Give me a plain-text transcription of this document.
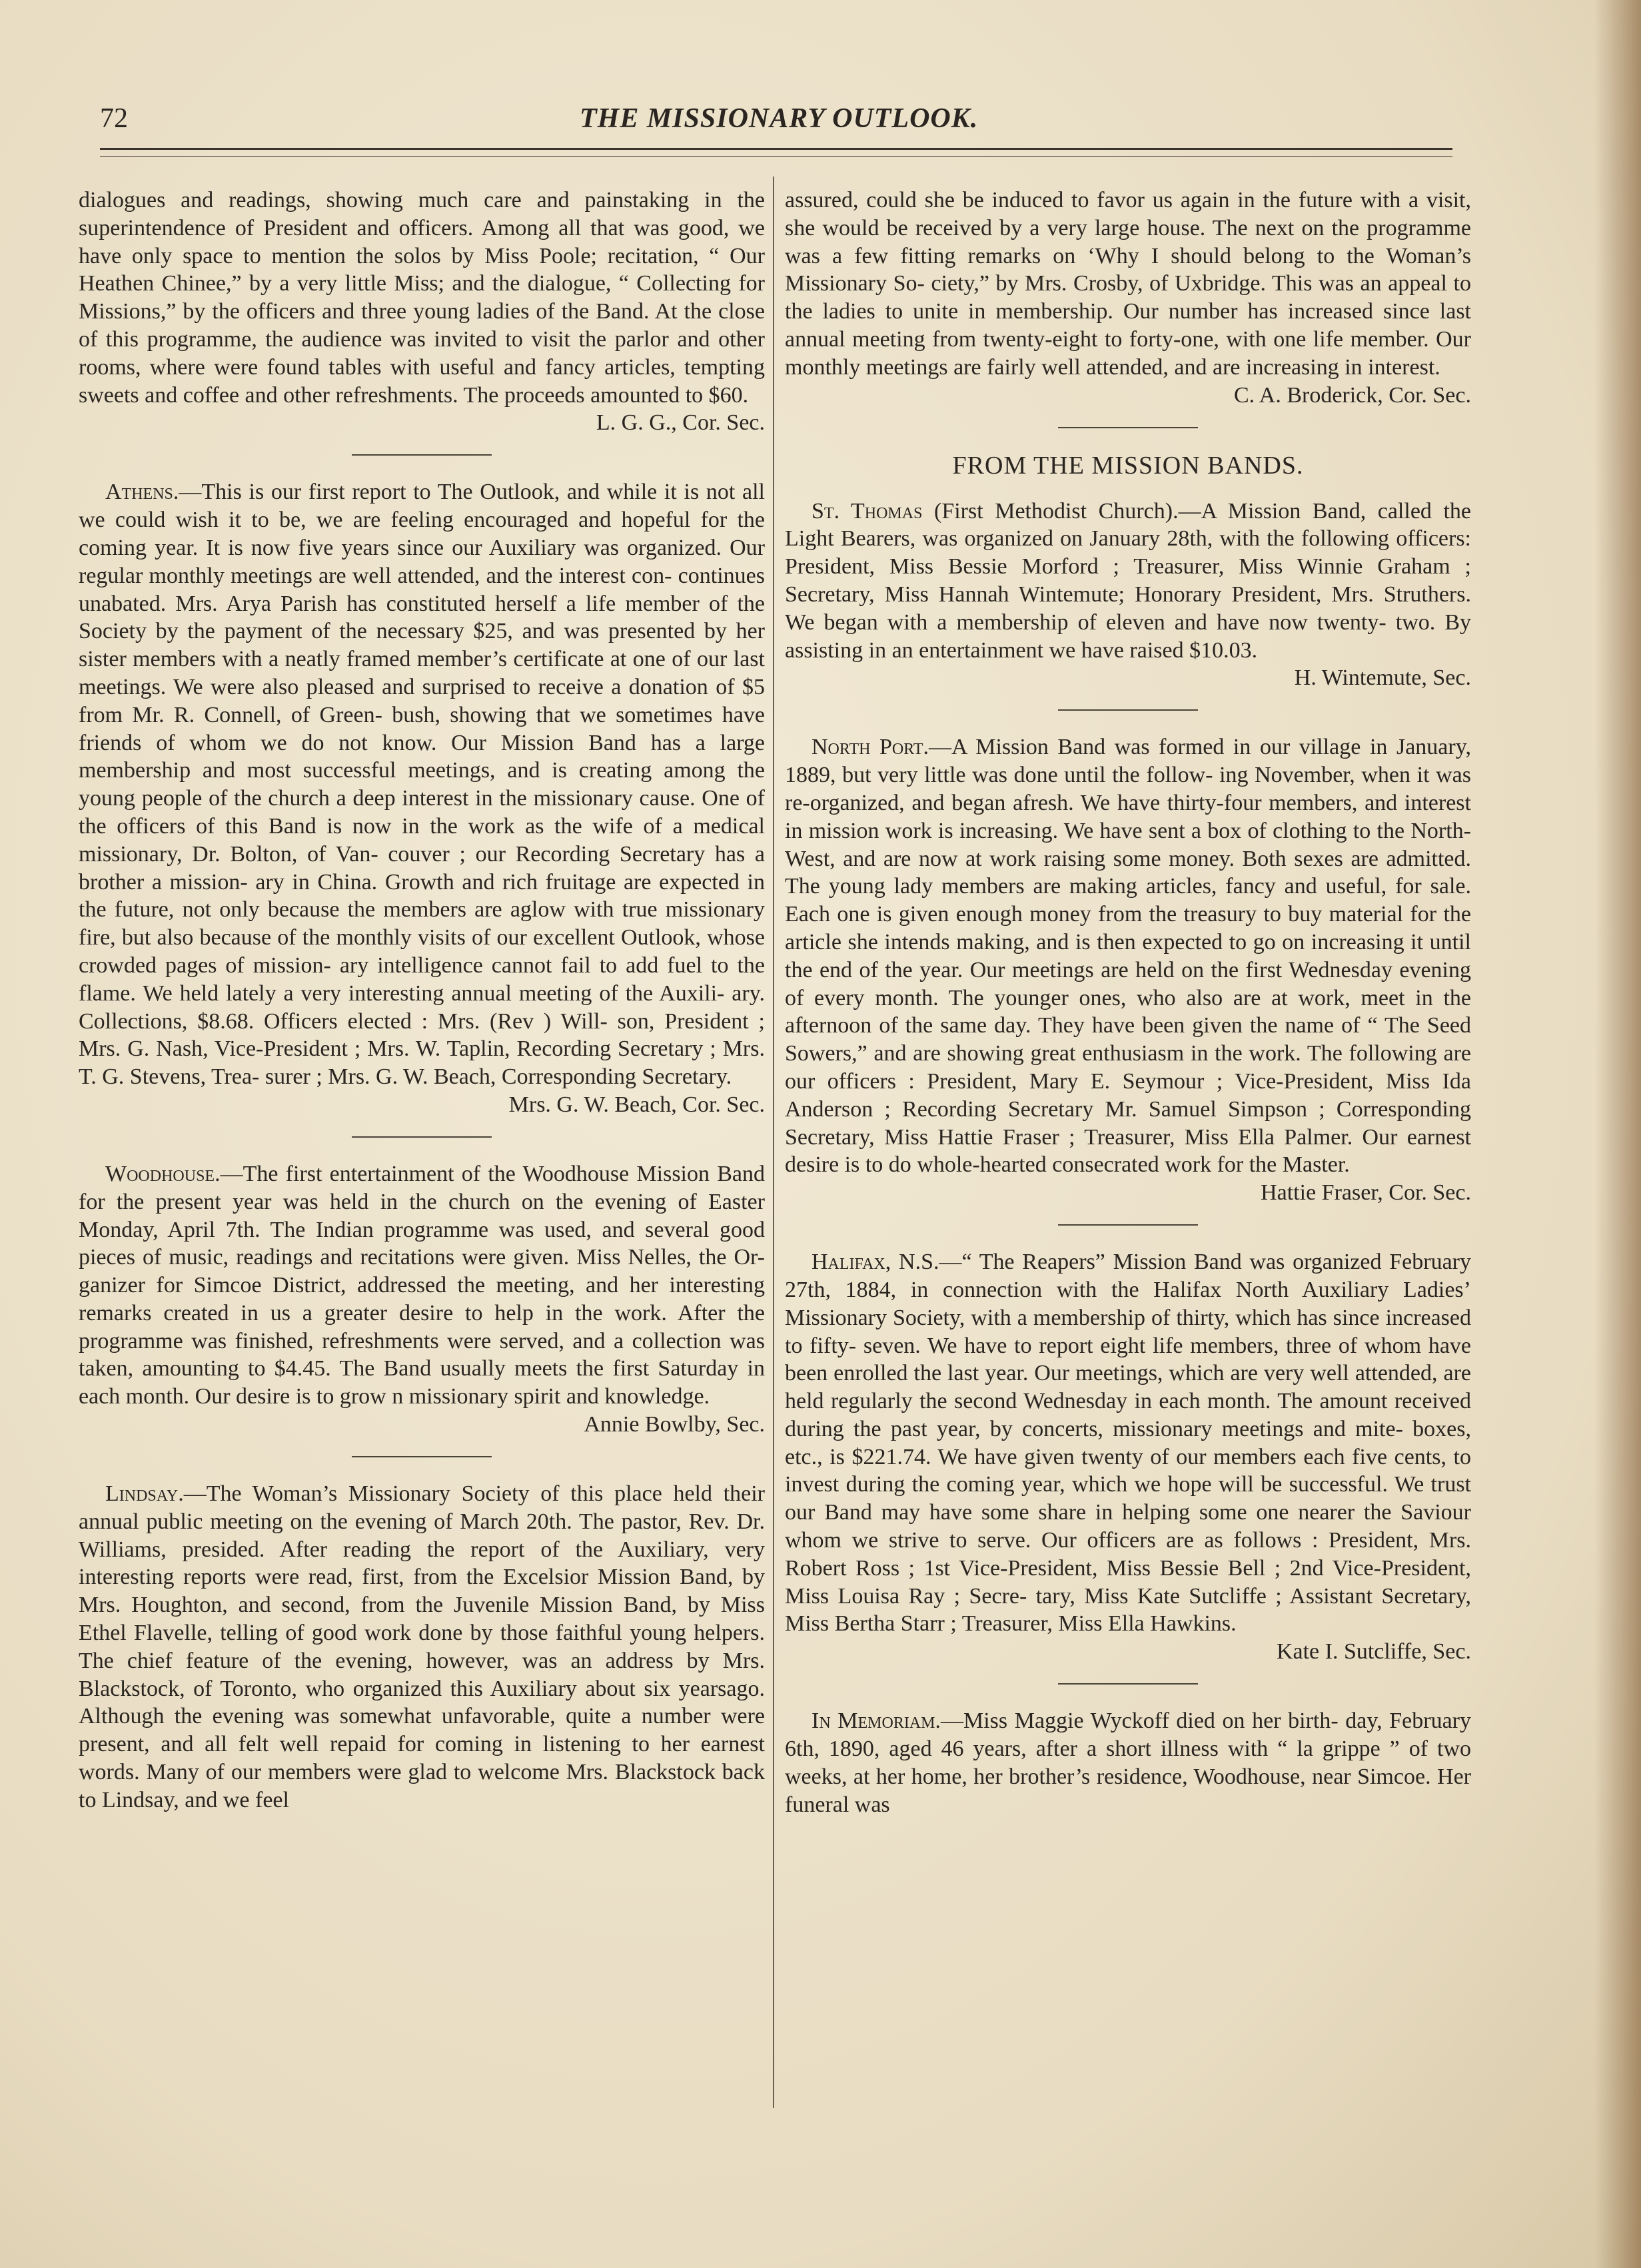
72	THE MISSIONARY OUTLOOK.

dialogues and readings, showing much care and painstaking in the superintendence of President and officers. Among all that was good, we have only space to mention the solos by Miss Poole; recitation, “ Our Heathen Chinee,” by a very little Miss; and the dialogue, “ Collecting for Missions,” by the officers and three young ladies of the Band. At the close of this programme, the audience was invited to visit the parlor and other rooms, where were found tables with useful and fancy articles, tempting sweets and coffee and other refreshments. The proceeds amounted to $60.

L. G. G., Cor. Sec.

Athens.—This is our first report to The Outlook, and while it is not all we could wish it to be, we are feeling encouraged and hopeful for the coming year. It is now five years since our Auxiliary was organized. Our regular monthly meetings are well attended, and the interest con- continues unabated. Mrs. Arya Parish has constituted herself a life member of the Society by the payment of the necessary $25, and was presented by her sister members with a neatly framed member’s certificate at one of our last meetings. We were also pleased and surprised to receive a donation of $5 from Mr. R. Connell, of Green- bush, showing that we sometimes have friends of whom we do not know. Our Mission Band has a large membership and most successful meetings, and is creating among the young people of the church a deep interest in the missionary cause. One of the officers of this Band is now in the work as the wife of a medical missionary, Dr. Bolton, of Van- couver ; our Recording Secretary has a brother a mission- ary in China. Growth and rich fruitage are expected in the future, not only because the members are aglow with true missionary fire, but also because of the monthly visits of our excellent Outlook, whose crowded pages of mission- ary intelligence cannot fail to add fuel to the flame. We held lately a very interesting annual meeting of the Auxili- ary. Collections, $8.68. Officers elected : Mrs. (Rev ) Will- son, President ; Mrs. G. Nash, Vice-President ; Mrs. W. Taplin, Recording Secretary ; Mrs. T. G. Stevens, Trea- surer ; Mrs. G. W. Beach, Corresponding Secretary.

Mrs. G. W. Beach, Cor. Sec.

Woodhouse.—The first entertainment of the Woodhouse Mission Band for the present year was held in the church on the evening of Easter Monday, April 7th. The Indian programme was used, and several good pieces of music, readings and recitations were given. Miss Nelles, the Or- ganizer for Simcoe District, addressed the meeting, and her interesting remarks created in us a greater desire to help in the work. After the programme was finished, refreshments were served, and a collection was taken, amounting to $4.45. The Band usually meets the first Saturday in each month. Our desire is to grow n missionary spirit and knowledge.

Annie Bowlby, Sec.

Lindsay.—The Woman’s Missionary Society of this place held their annual public meeting on the evening of March 20th. The pastor, Rev. Dr. Williams, presided. After reading the report of the Auxiliary, very interesting reports were read, first, from the Excelsior Mission Band, by Mrs. Houghton, and second, from the Juvenile Mission Band, by Miss Ethel Flavelle, telling of good work done by those faithful young helpers. The chief feature of the evening, however, was an address by Mrs. Blackstock, of Toronto, who organized this Auxiliary about six yearsago. Although the evening was somewhat unfavorable, quite a number were present, and all felt well repaid for coming in listening to her earnest words. Many of our members were glad to welcome Mrs. Blackstock back to Lindsay, and we feel

assured, could she be induced to favor us again in the future with a visit, she would be received by a very large house. The next on the programme was a few fitting remarks on ‘Why I should belong to the Woman’s Missionary So- ciety,” by Mrs. Crosby, of Uxbridge. This was an appeal to the ladies to unite in membership. Our number has increased since last annual meeting from twenty-eight to forty-one, with one life member. Our monthly meetings are fairly well attended, and are increasing in interest.

C. A. Broderick, Cor. Sec.

FROM THE MISSION BANDS.

St. Thomas (First Methodist Church).—A Mission Band, called the Light Bearers, was organized on January 28th, with the following officers: President, Miss Bessie Morford ; Treasurer, Miss Winnie Graham ; Secretary, Miss Hannah Wintemute; Honorary President, Mrs. Struthers. We began with a membership of eleven and have now twenty- two. By assisting in an entertainment we have raised $10.03.

H. Wintemute, Sec.

North Port.—A Mission Band was formed in our village in January, 1889, but very little was done until the follow- ing November, when it was re-organized, and began afresh. We have thirty-four members, and interest in mission work is increasing. We have sent a box of clothing to the North-West, and are now at work raising some money. Both sexes are admitted. The young lady members are making articles, fancy and useful, for sale. Each one is given enough money from the treasury to buy material for the article she intends making, and is then expected to go on increasing it until the end of the year. Our meetings are held on the first Wednesday evening of every month. The younger ones, who also are at work, meet in the afternoon of the same day. They have been given the name of “ The Seed Sowers,” and are showing great enthusiasm in the work. The following are our officers : President, Mary E. Seymour ; Vice-President, Miss Ida Anderson ; Recording Secretary Mr. Samuel Simpson ; Corresponding Secretary, Miss Hattie Fraser ; Treasurer, Miss Ella Palmer. Our earnest desire is to do whole-hearted consecrated work for the Master.

Hattie Fraser, Cor. Sec.

Halifax, N.S.—“ The Reapers” Mission Band was organized February 27th, 1884, in connection with the Halifax North Auxiliary Ladies’ Missionary Society, with a membership of thirty, which has since increased to fifty- seven. We have to report eight life members, three of whom have been enrolled the last year. Our meetings, which are very well attended, are held regularly the second Wednesday in each month. The amount received during the past year, by concerts, missionary meetings and mite- boxes, etc., is $221.74. We have given twenty of our members each five cents, to invest during the coming year, which we hope will be successful. We trust our Band may have some share in helping some one nearer the Saviour whom we strive to serve. Our officers are as follows : President, Mrs. Robert Ross ; 1st Vice-President, Miss Bessie Bell ; 2nd Vice-President, Miss Louisa Ray ; Secre- tary, Miss Kate Sutcliffe ; Assistant Secretary, Miss Bertha Starr ; Treasurer, Miss Ella Hawkins.

Kate I. Sutcliffe, Sec.

In Memoriam.—Miss Maggie Wyckoff died on her birth- day, February 6th, 1890, aged 46 years, after a short illness with “ la grippe ” of two weeks, at her home, her brother’s residence, Woodhouse, near Simcoe. Her funeral was
